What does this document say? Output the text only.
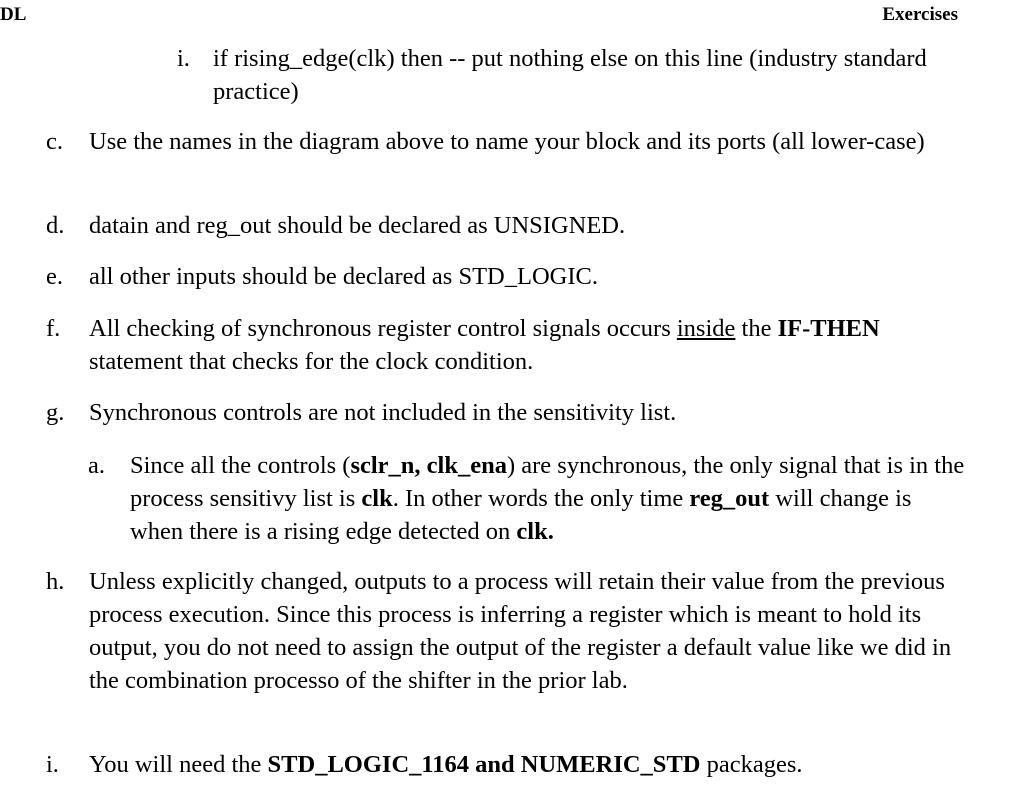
DL	Exercises
i. if rising_edge(clk) then -- put nothing else on this line (industry standard practice)
c. Use the names in the diagram above to name your block and its ports (all lower-case)
d. datain and reg_out should be declared as UNSIGNED.
e. all other inputs should be declared as STD_LOGIC.
f. All checking of synchronous register control signals occurs inside the IF-THEN statement that checks for the clock condition.
g. Synchronous controls are not included in the sensitivity list.
a. Since all the controls (sclr_n, clk_ena) are synchronous, the only signal that is in the process sensitivy list is clk. In other words the only time reg_out will change is when there is a rising edge detected on clk.
h. Unless explicitly changed, outputs to a process will retain their value from the previous process execution. Since this process is inferring a register which is meant to hold its output, you do not need to assign the output of the register a default value like we did in the combination processo of the shifter in the prior lab.
i. You will need the STD_LOGIC_1164 and NUMERIC_STD packages.
